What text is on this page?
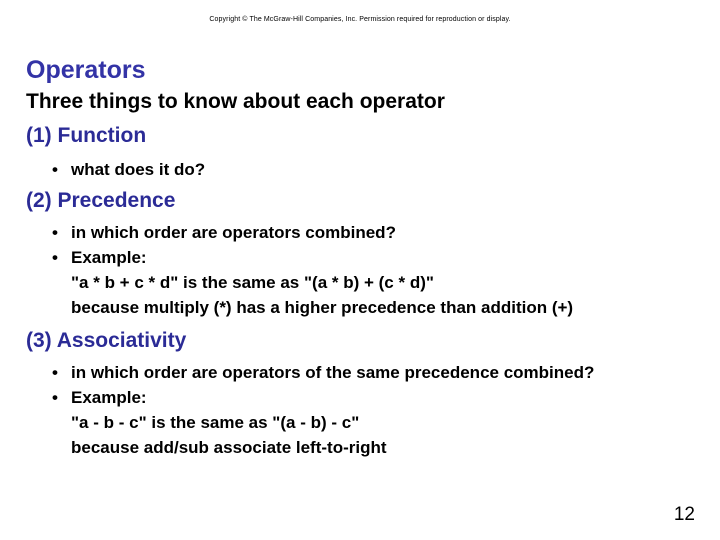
Copyright © The McGraw-Hill Companies, Inc. Permission required for reproduction or display.
Operators
Three things to know about each operator
(1) Function
• what does it do?
(2) Precedence
• in which order are operators combined?
• Example:
"a * b + c * d" is the same as "(a * b) + (c * d)"
because multiply (*) has a higher precedence than addition (+)
(3) Associativity
• in which order are operators of the same precedence combined?
• Example:
"a - b - c" is the same as "(a - b) - c"
because add/sub associate left-to-right
12
